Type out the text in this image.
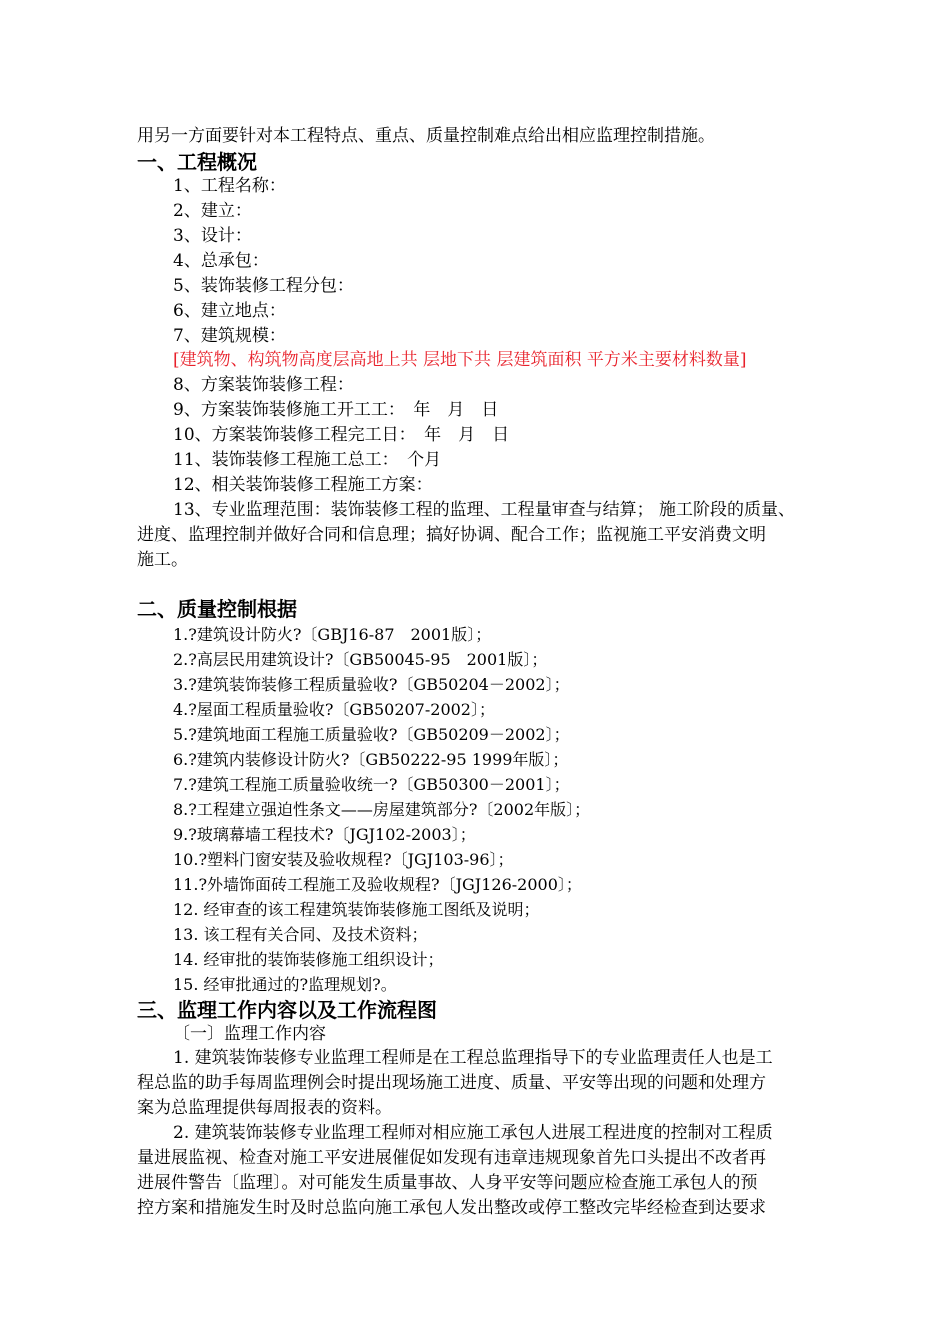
用另一方面要针对本工程特点、重点、质量控制难点给出相应监理控制措施。
一、工程概况
1、工程名称：
2、建立：
3、设计：
4、总承包：
5、装饰装修工程分包：
6、建立地点：
7、建筑规模：
[建筑物、构筑物高度层高地上共 层地下共 层建筑面积 平方米主要材料数量]
8、方案装饰装修工程：
9、方案装饰装修施工开工工：　年　月　日
10、方案装饰装修工程完工日：　年　月　日
11、装饰装修工程施工总工：　个月
12、相关装饰装修工程施工方案：
13、专业监理范围：装饰装修工程的监理、工程量审查与结算； 施工阶段的质量、
进度、监理控制并做好合同和信息理；搞好协调、配合工作；监视施工平安消费文明
施工。
二、质量控制根据
1.?建筑设计防火?〔GBJ16-87　2001版〕；
2.?高层民用建筑设计?〔GB50045-95　2001版〕；
3.?建筑装饰装修工程质量验收?〔GB50204－2002〕；
4.?屋面工程质量验收?〔GB50207-2002〕；
5.?建筑地面工程施工质量验收?〔GB50209－2002〕；
6.?建筑内装修设计防火?〔GB50222-95 1999年版〕；
7.?建筑工程施工质量验收统一?〔GB50300－2001〕；
8.?工程建立强迫性条文——房屋建筑部分?〔2002年版〕；
9.?玻璃幕墙工程技术?〔JGJ102-2003〕；
10.?塑料门窗安装及验收规程?〔JGJ103-96〕；
11.?外墙饰面砖工程施工及验收规程?〔JGJ126-2000〕；
12. 经审查的该工程建筑装饰装修施工图纸及说明；
13. 该工程有关合同、及技术资料；
14. 经审批的装饰装修施工组织设计；
15. 经审批通过的?监理规划?。
三、监理工作内容以及工作流程图
〔一〕监理工作内容
1. 建筑装饰装修专业监理工程师是在工程总监理指导下的专业监理责任人也是工
程总监的助手每周监理例会时提出现场施工进度、质量、平安等出现的问题和处理方
案为总监理提供每周报表的资料。
2. 建筑装饰装修专业监理工程师对相应施工承包人进展工程进度的控制对工程质
量进展监视、检查对施工平安进展催促如发现有违章违规现象首先口头提出不改者再
进展件警告〔监理〕。对可能发生质量事故、人身平安等问题应检查施工承包人的预
控方案和措施发生时及时总监向施工承包人发出整改或停工整改完毕经检查到达要求
